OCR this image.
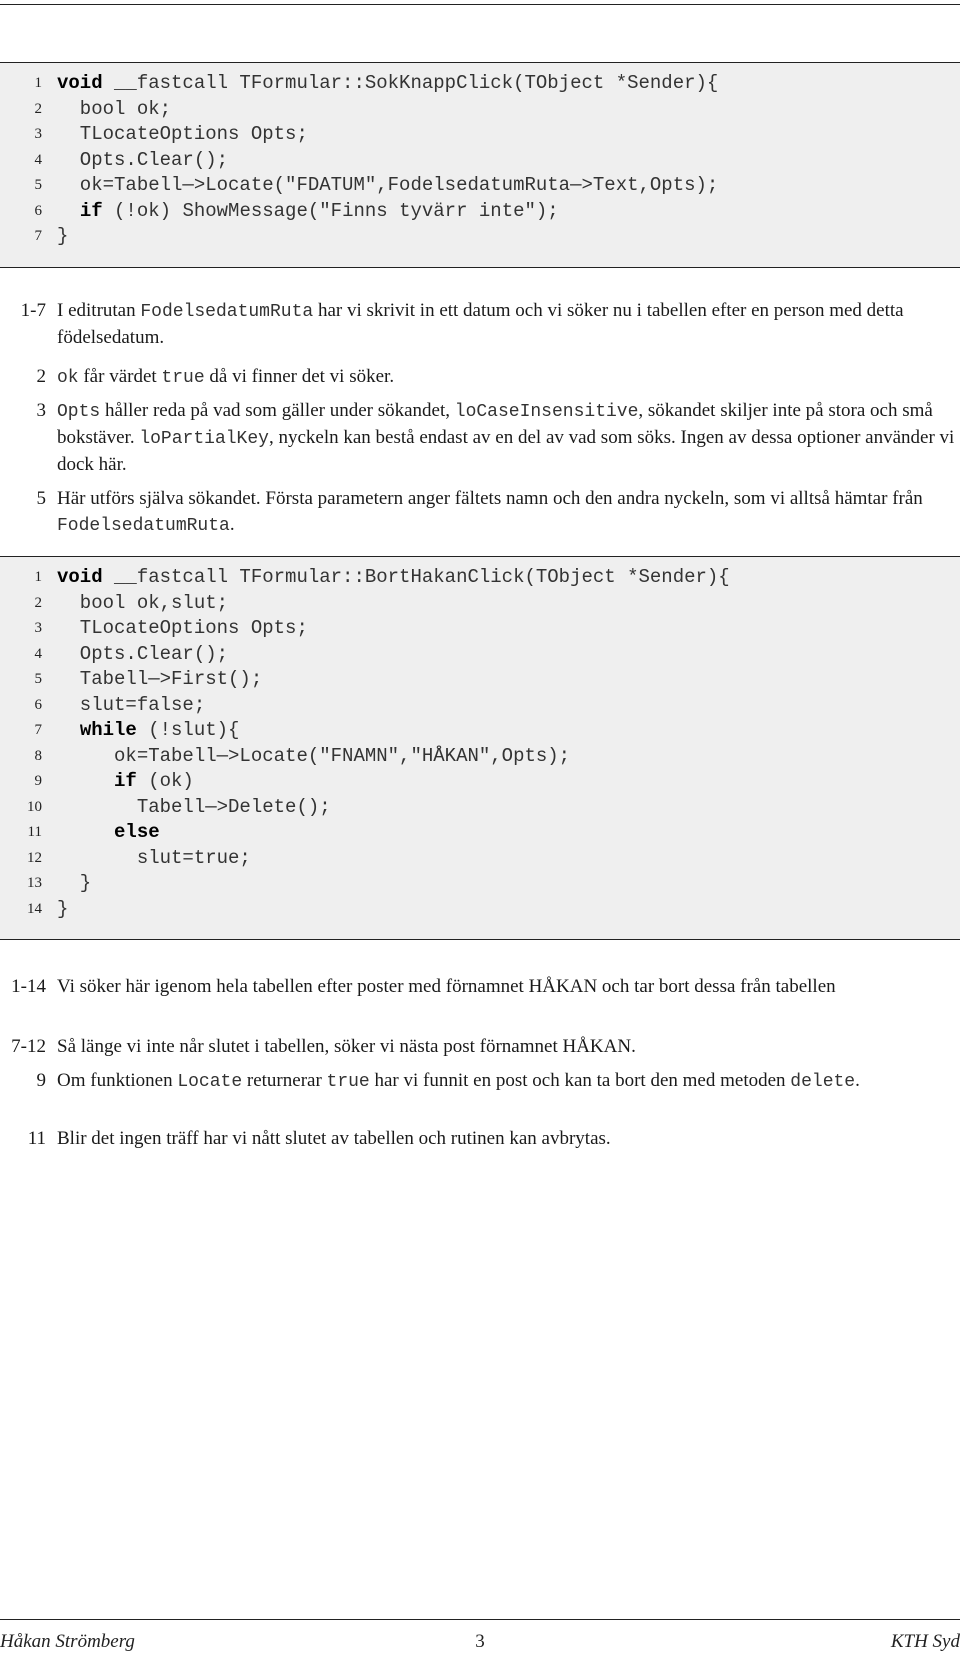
1 void __fastcall TFormular::SokKnappClick(TObject *Sender){
2 bool ok;
3 TLocateOptions Opts;
4 Opts.Clear();
5 ok=Tabell—>Locate("FDATUM",FodelsedatumRuta—>Text,Opts);
6	if (!ok) ShowMessage("Finns tyvärr inte");
7 }
1-7 I editrutan FodelsedatumRuta har vi skrivit in ett datum och vi söker nu i tabellen efter en person med detta födelsedatum.
2 ok får värdet true då vi finner det vi söker.
3 Opts håller reda på vad som gäller under sökandet, loCaseInsensitive, sökandet skiljer inte på stora och små bokstäver. loPartialKey, nyckeln kan bestå endast av en del av vad som söks. Ingen av dessa optioner använder vi dock här.
5 Här utförs själva sökandet. Första parametern anger fältets namn och den andra nyckeln, som vi alltså hämtar från FodelsedatumRuta.
1 void __fastcall TFormular::BortHakanClick(TObject *Sender){
2 bool ok,slut;
3 TLocateOptions Opts;
4 Opts.Clear();
5 Tabell—>First();
6 slut=false;
7	while (!slut){
8 ok=Tabell—>Locate("FNAMN","HÅKAN",Opts);
9	if (ok)
10 Tabell—>Delete();
11	else
12 slut=true;
13 }
14 }
1-14 Vi söker här igenom hela tabellen efter poster med förnamnet HÅKAN och tar bort dessa från tabellen
7-12 Så länge vi inte når slutet i tabellen, söker vi nästa post förnamnet HÅKAN.
9 Om funktionen Locate returnerar true har vi funnit en post och kan ta bort den med metoden delete.
11 Blir det ingen träff har vi nått slutet av tabellen och rutinen kan avbrytas.
Håkan Strömberg	3	KTH Syd
